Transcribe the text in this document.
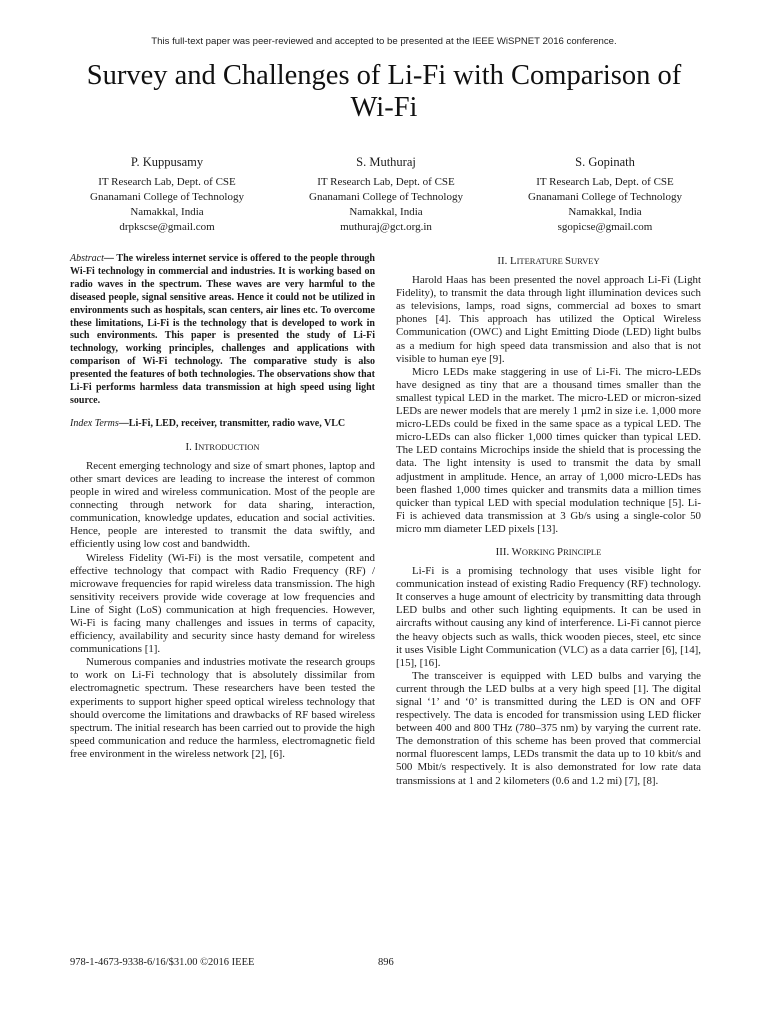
This full-text paper was peer-reviewed and accepted to be presented at the IEEE WiSPNET 2016 conference.
Survey and Challenges of Li-Fi with Comparison of
Wi-Fi
P. Kuppusamy
IT Research Lab, Dept. of CSE
Gnanamani College of Technology
Namakkal, India
drpkscse@gmail.com
S. Muthuraj
IT Research Lab, Dept. of CSE
Gnanamani College of Technology
Namakkal, India
muthuraj@gct.org.in
S. Gopinath
IT Research Lab, Dept. of CSE
Gnanamani College of Technology
Namakkal, India
sgopicse@gmail.com
Abstract— The wireless internet service is offered to the people through Wi-Fi technology in commercial and industries. It is working based on radio waves in the spectrum. These waves are very harmful to the diseased people, signal sensitive areas. Hence it could not be utilized in environments such as hospitals, scan centers, air lines etc. To overcome these limitations, Li-Fi is the technology that is developed to work in such environments. This paper is presented the study of Li-Fi technology, working principles, challenges and applications with comparison of Wi-Fi technology. The comparative study is also presented the features of both technologies. The observations show that Li-Fi performs harmless data transmission at high speed using light source.
Index Terms—Li-Fi, LED, receiver, transmitter, radio wave, VLC
I. INTRODUCTION

Recent emerging technology and size of smart phones, laptop and other smart devices are leading to increase the interest of common people in wired and wireless communication. Most of the people are connecting through network for data sharing, interaction, communication, knowledge updates, education and social activities. Hence, people are interested to transmit the data swiftly, and efficiently using low cost and bandwidth.

Wireless Fidelity (Wi-Fi) is the most versatile, competent and effective technology that compact with Radio Frequency (RF) / microwave frequencies for rapid wireless data transmission. The high sensitivity receivers provide wide coverage at low frequencies and Line of Sight (LoS) communication at high frequencies. However, Wi-Fi is facing many challenges and issues in terms of capacity, efficiency, availability and security since hasty demand for wireless communications [1].

Numerous companies and industries motivate the research groups to work on Li-Fi technology that is absolutely dissimilar from electromagnetic spectrum. These researchers have been tested the experiments to support higher speed optical wireless technology that should overcome the limitations and drawbacks of RF based wireless spectrum. The initial research has been carried out to provide the high speed communication and reduce the harmless, electromagnetic field free environment in the wireless network [2], [6].

II. LITERATURE SURVEY

Harold Haas has been presented the novel approach Li-Fi (Light Fidelity), to transmit the data through light illumination devices such as televisions, lamps, road signs, commercial ad boxes to smart phones [4]. This approach has utilized the Optical Wireless Communication (OWC) and Light Emitting Diode (LED) light bulbs as a medium for high speed data transmission and also that is not visible to human eye [9].

Micro LEDs make staggering in use of Li-Fi. The micro-LEDs have designed as tiny that are a thousand times smaller than the smallest typical LED in the market. The micro-LED or micron-sized LEDs are newer models that are merely 1 µm2 in size i.e. 1,000 more micro-LEDs could be fixed in the same space as a typical LED. The micro-LEDs can also flicker 1,000 times quicker than typical LED. The LED contains Microchips inside the shield that is processing the data. The light intensity is used to transmit the data by small adjustment in amplitude. Hence, an array of 1,000 micro-LEDs has been flashed 1,000 times quicker and transmits data a million times quicker than typical LED with special modulation technique [5]. Li-Fi is achieved data transmission at 3 Gb/s using a single-color 50 micro mm diameter LED pixels [13].

III. WORKING PRINCIPLE

Li-Fi is a promising technology that uses visible light for communication instead of existing Radio Frequency (RF) technology. It conserves a huge amount of electricity by transmitting data through LED bulbs and other such lighting equipments. It can be used in aircrafts without causing any kind of interference. Li-Fi cannot pierce the heavy objects such as walls, thick wooden pieces, steel, etc since it uses Visible Light Communication (VLC) as a data carrier [6], [14], [15], [16].

The transceiver is equipped with LED bulbs and varying the current through the LED bulbs at a very high speed [1]. The digital signal ‘1’ and ‘0’ is transmitted during the LED is ON and OFF respectively. The data is encoded for transmission using LED flicker between 400 and 800 THz (780–375 nm) by varying the current rate. The demonstration of this scheme has been proved that commercial normal fluorescent lamps, LEDs transmit the data up to 10 kbit/s and 500 Mbit/s respectively. It is also demonstrated for low rate data transmissions at 1 and 2 kilometers (0.6 and 1.2 mi) [7], [8].

978-1-4673-9338-6/16/$31.00 ©2016 IEEE	896
